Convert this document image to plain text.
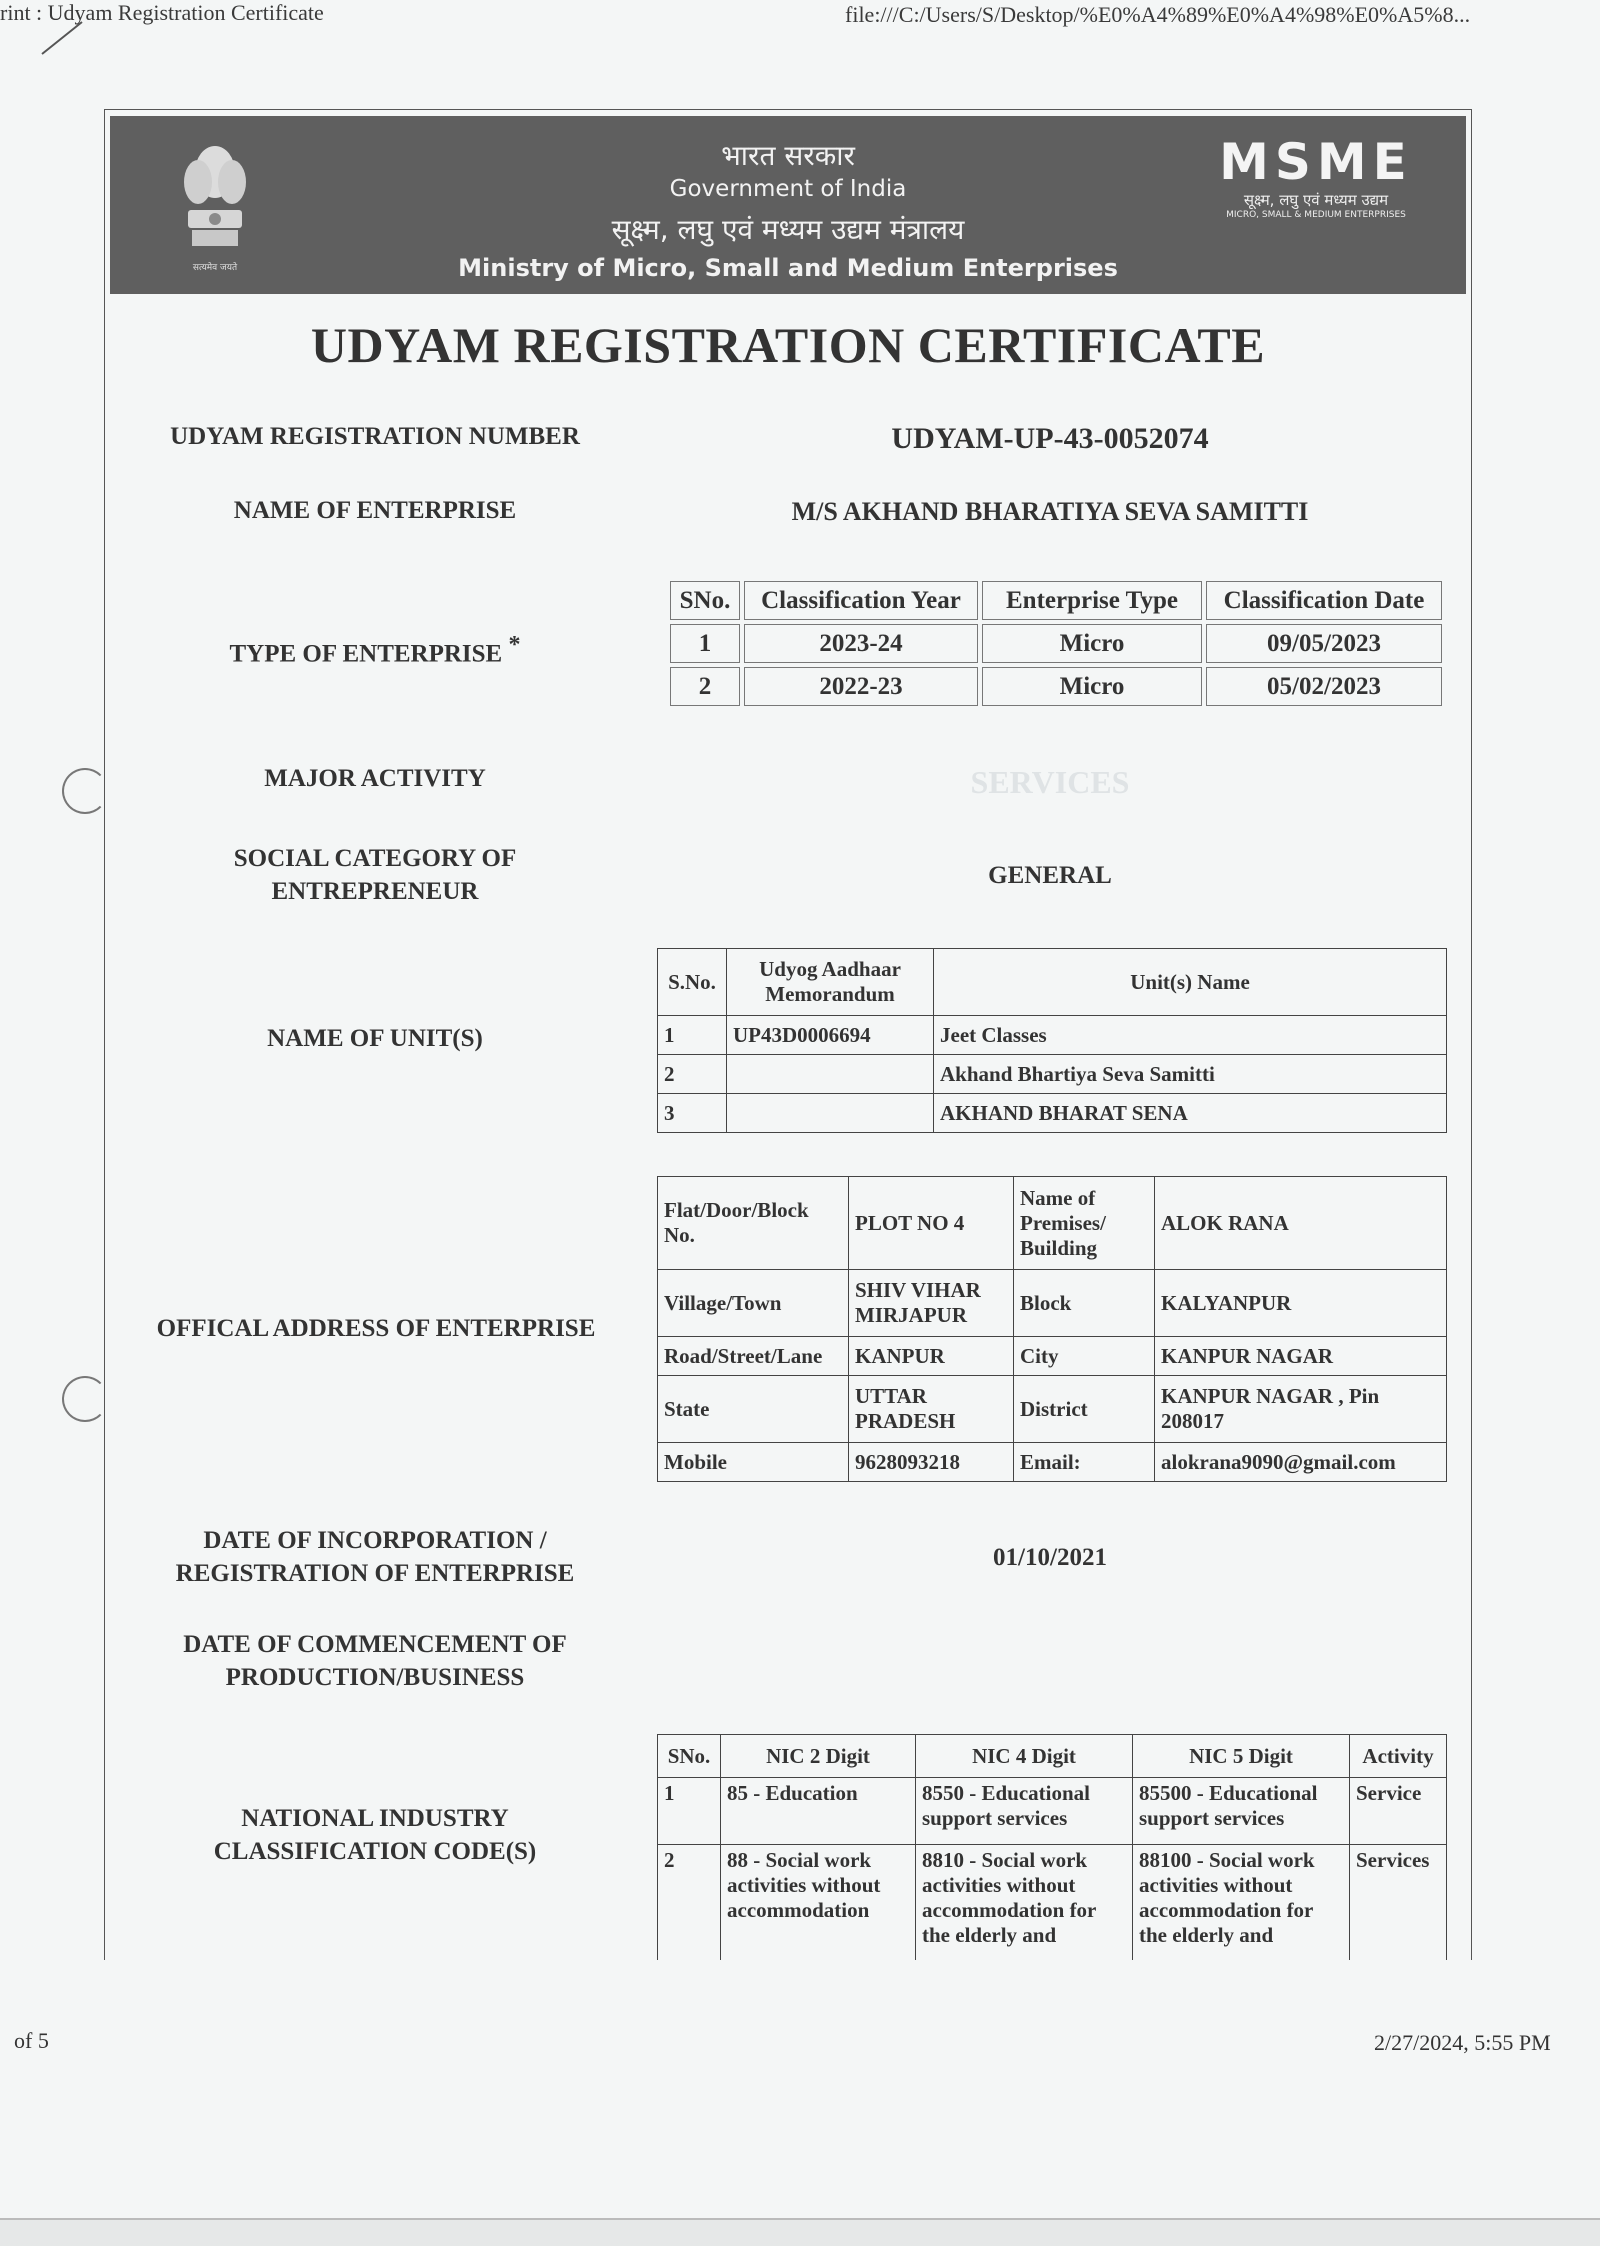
rint : Udyam Registration Certificate	file:///C:/Users/S/Desktop/%E0%A4%89%E0%A4%98%E0%A5%8...
सत्यमेव जयते
भारत सरकार
Government of India
सूक्ष्म, लघु एवं मध्यम उद्यम मंत्रालय
Ministry of Micro, Small and Medium Enterprises
MSME
सूक्ष्म, लघु एवं मध्यम उद्यम
MICRO, SMALL & MEDIUM ENTERPRISES
UDYAM REGISTRATION CERTIFICATE
UDYAM REGISTRATION NUMBER	UDYAM-UP-43-0052074
NAME OF ENTERPRISE	M/S AKHAND BHARATIYA SEVA SAMITTI
TYPE OF ENTERPRISE *
SNo.	Classification Year	Enterprise Type	Classification Date
1	2023-24	Micro	09/05/2023
2	2022-23	Micro	05/02/2023
MAJOR ACTIVITY	SERVICES
SOCIAL CATEGORY OF
ENTREPRENEUR
GENERAL
NAME OF UNIT(S)
S.No.	Udyog Aadhaar Memorandum	Unit(s) Name
1	UP43D0006694	Jeet Classes
2		Akhand Bhartiya Seva Samitti
3		AKHAND BHARAT SENA
OFFICAL ADDRESS OF ENTERPRISE
Flat/Door/Block No.	PLOT NO 4	Name of Premises/ Building	ALOK RANA
Village/Town	SHIV VIHAR MIRJAPUR	Block	KALYANPUR
Road/Street/Lane	KANPUR	City	KANPUR NAGAR
State	UTTAR PRADESH	District	KANPUR NAGAR , Pin 208017
Mobile	9628093218	Email:	alokrana9090@gmail.com
DATE OF INCORPORATION /
REGISTRATION OF ENTERPRISE
01/10/2021
DATE OF COMMENCEMENT OF
PRODUCTION/BUSINESS
NATIONAL INDUSTRY
CLASSIFICATION CODE(S)
SNo.	NIC 2 Digit	NIC 4 Digit	NIC 5 Digit	Activity
1	85 - Education	8550 - Educational support services	85500 - Educational support services	Service
2	88 - Social work activities without accommodation	8810 - Social work activities without accommodation for the elderly and	88100 - Social work activities without accommodation for the elderly and	Services
of 5	2/27/2024, 5:55 PM
